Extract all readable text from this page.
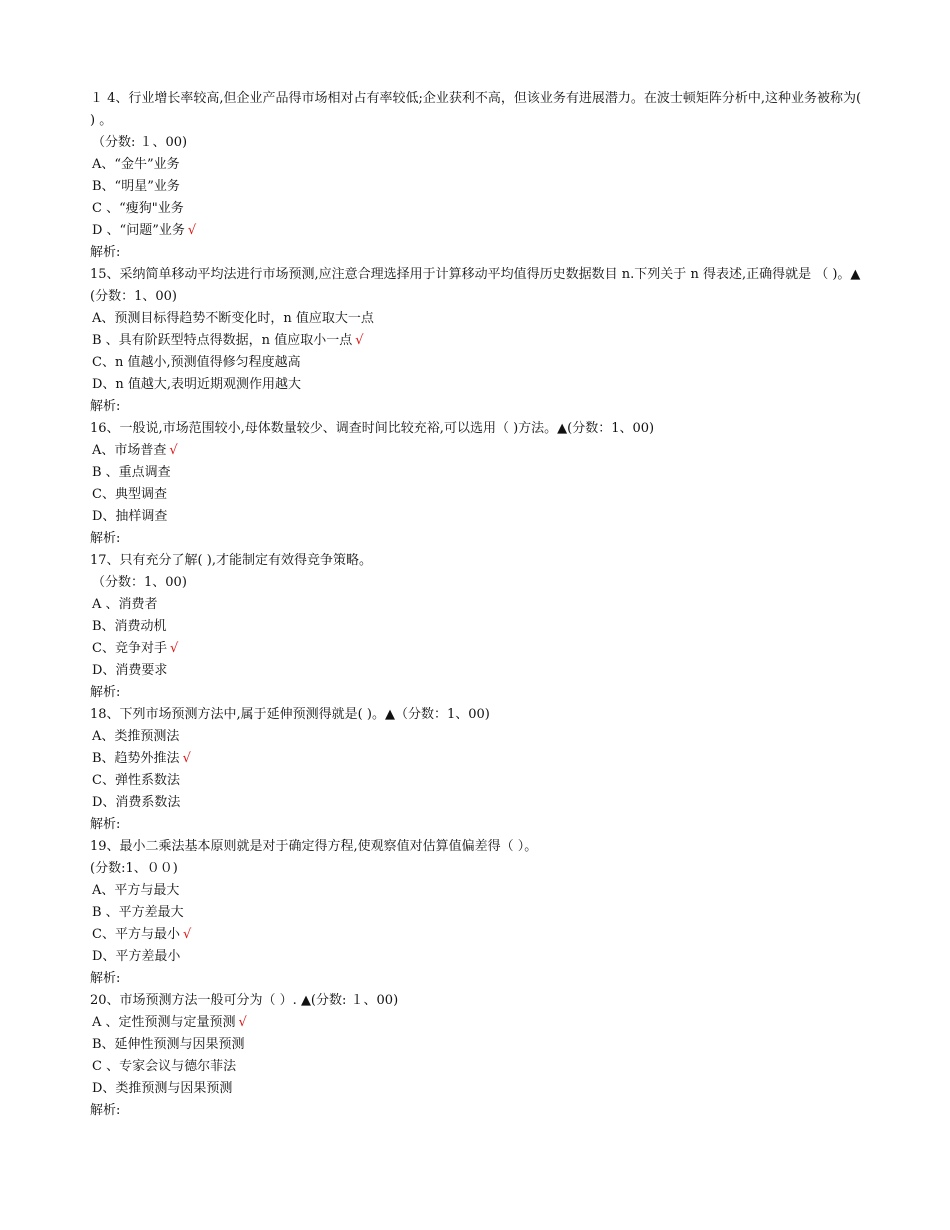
１ 4、行业增长率较高,但企业产品得市场相对占有率较低;企业获利不高，但该业务有进展潜力。在波士顿矩阵分析中,这种业务被称为( ) 。
（分数: １、00)
A、“金牛”业务
B、“明星”业务
C 、“瘦狗"业务
D 、“问题”业务 √
解析:
15、采纳简单移动平均法进行市场预测,应注意合理选择用于计算移动平均值得历史数据数目 n.下列关于 n 得表述,正确得就是 （ )。▲(分数：1、00)
A、预测目标得趋势不断变化时，n 值应取大一点
B 、具有阶跃型特点得数据，n 值应取小一点 √
C、n 值越小,预测值得修匀程度越高
D、n 值越大,表明近期观测作用越大
解析:
16、一般说,市场范围较小,母体数量较少、调查时间比较充裕,可以选用（ )方法。▲(分数：1、00)
A、市场普查 √
B 、重点调查
C、典型调查
D、抽样调查
解析:
17、只有充分了解( ),才能制定有效得竞争策略。
（分数：1、00)
A 、消费者
B、消费动机
C、竞争对手 √
D、消费要求
解析:
18、下列市场预测方法中,属于延伸预测得就是( )。▲（分数：1、00)
A、类推预测法
B、趋势外推法 √
C、弹性系数法
D、消费系数法
解析:
19、最小二乘法基本原则就是对于确定得方程,使观察值对估算值偏差得（ ）。
(分数:1、００)
A、平方与最大
B 、平方差最大
C、平方与最小 √
D、平方差最小
解析:
20、市场预测方法一般可分为（ ）. ▲(分数: １、00)
A 、定性预测与定量预测 √
B、延伸性预测与因果预测
C 、专家会议与德尔菲法
D、类推预测与因果预测
解析:
